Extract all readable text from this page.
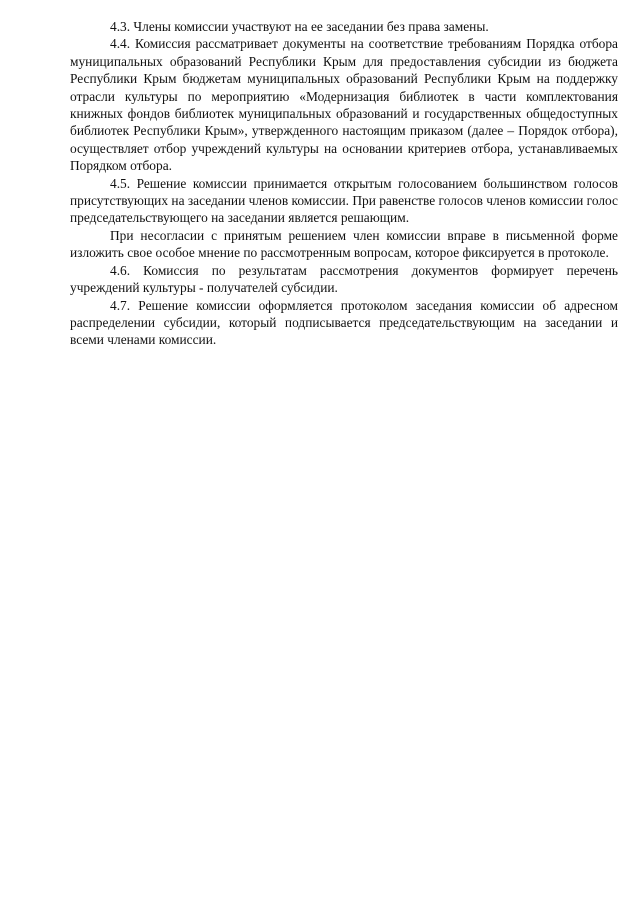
4.3. Члены комиссии участвуют на ее заседании без права замены.

4.4. Комиссия рассматривает документы на соответствие требованиям Порядка отбора муниципальных образований Республики Крым для предоставления субсидии из бюджета Республики Крым бюджетам муниципальных образований Республики Крым на поддержку отрасли культуры по мероприятию «Модернизация библиотек в части комплектования книжных фондов библиотек муниципальных образований и государственных общедоступных библиотек Республики Крым», утвержденного настоящим приказом (далее – Порядок отбора), осуществляет отбор учреждений культуры на основании критериев отбора, устанавливаемых Порядком отбора.

4.5. Решение комиссии принимается открытым голосованием большинством голосов присутствующих на заседании членов комиссии. При равенстве голосов членов комиссии голос председательствующего на заседании является решающим.

При несогласии с принятым решением член комиссии вправе в письменной форме изложить свое особое мнение по рассмотренным вопросам, которое фиксируется в протоколе.

4.6. Комиссия по результатам рассмотрения документов формирует перечень учреждений культуры - получателей субсидии.

4.7. Решение комиссии оформляется протоколом заседания комиссии об адресном распределении субсидии, который подписывается председательствующим на заседании и всеми членами комиссии.
